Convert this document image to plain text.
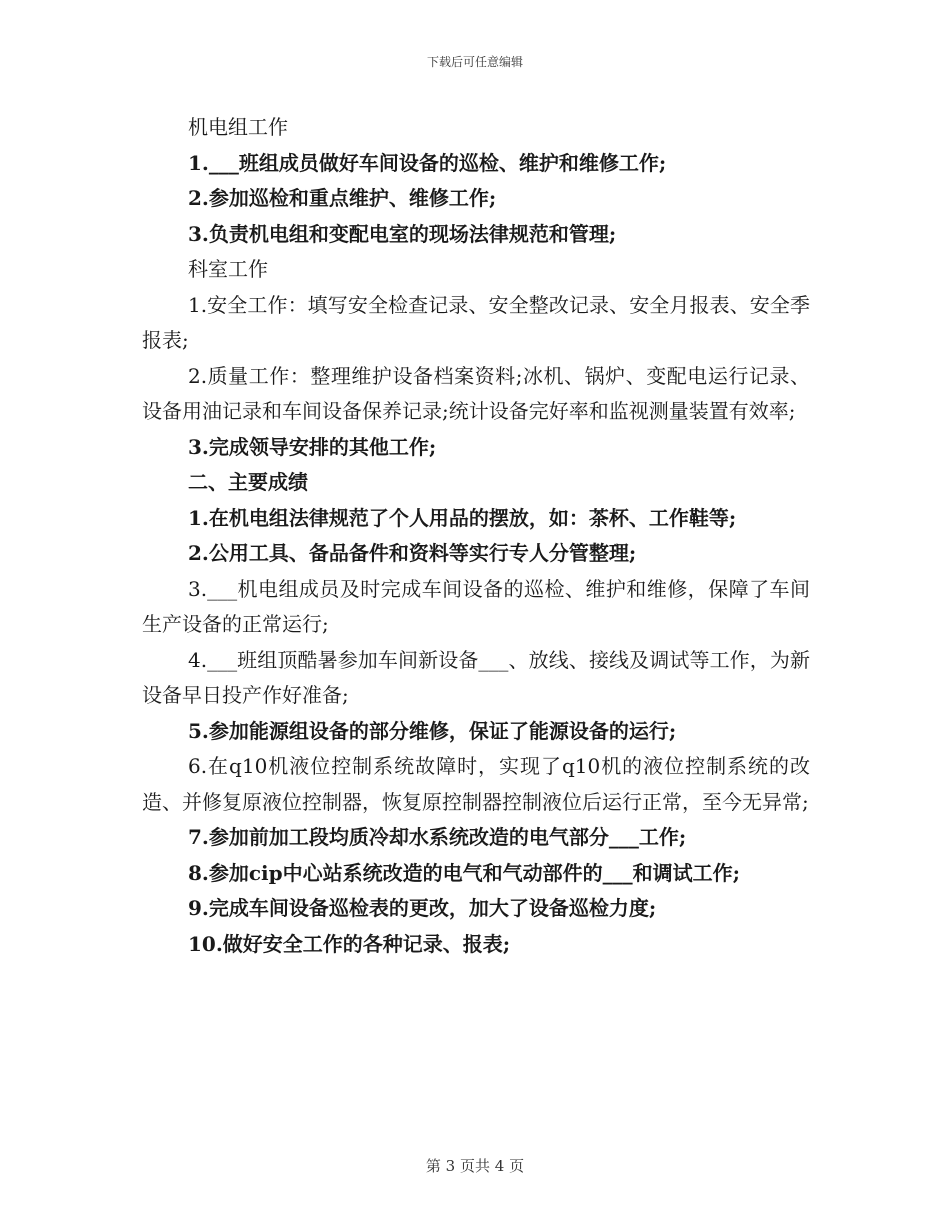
下载后可任意编辑

机电组工作

1.___班组成员做好车间设备的巡检、维护和维修工作;

2.参加巡检和重点维护、维修工作;

3.负责机电组和变配电室的现场法律规范和管理;

科室工作

1.安全工作：填写安全检查记录、安全整改记录、安全月报表、安全季报表;

2.质量工作：整理维护设备档案资料;冰机、锅炉、变配电运行记录、设备用油记录和车间设备保养记录;统计设备完好率和监视测量装置有效率;

3.完成领导安排的其他工作;

二、主要成绩

1.在机电组法律规范了个人用品的摆放，如：茶杯、工作鞋等;

2.公用工具、备品备件和资料等实行专人分管整理;

3.___机电组成员及时完成车间设备的巡检、维护和维修，保障了车间生产设备的正常运行;

4.___班组顶酷暑参加车间新设备___、放线、接线及调试等工作，为新设备早日投产作好准备;

5.参加能源组设备的部分维修，保证了能源设备的运行;

6.在q10机液位控制系统故障时，实现了q10机的液位控制系统的改造、并修复原液位控制器，恢复原控制器控制液位后运行正常，至今无异常;

7.参加前加工段均质冷却水系统改造的电气部分___工作;

8.参加cip中心站系统改造的电气和气动部件的___和调试工作;

9.完成车间设备巡检表的更改，加大了设备巡检力度;

10.做好安全工作的各种记录、报表;

第 3 页共 4 页
